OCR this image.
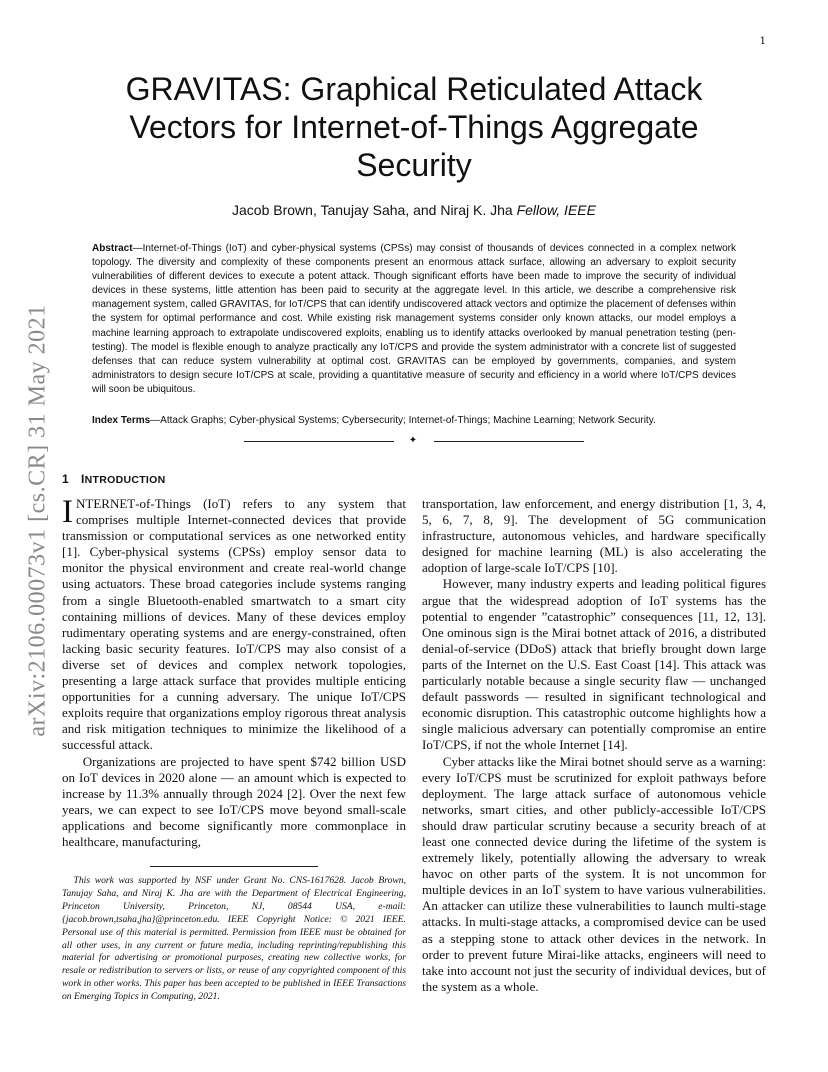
1
arXiv:2106.00073v1 [cs.CR] 31 May 2021
GRAVITAS: Graphical Reticulated Attack Vectors for Internet-of-Things Aggregate Security
Jacob Brown, Tanujay Saha, and Niraj K. Jha Fellow, IEEE
Abstract—Internet-of-Things (IoT) and cyber-physical systems (CPSs) may consist of thousands of devices connected in a complex network topology. The diversity and complexity of these components present an enormous attack surface, allowing an adversary to exploit security vulnerabilities of different devices to execute a potent attack. Though significant efforts have been made to improve the security of individual devices in these systems, little attention has been paid to security at the aggregate level. In this article, we describe a comprehensive risk management system, called GRAVITAS, for IoT/CPS that can identify undiscovered attack vectors and optimize the placement of defenses within the system for optimal performance and cost. While existing risk management systems consider only known attacks, our model employs a machine learning approach to extrapolate undiscovered exploits, enabling us to identify attacks overlooked by manual penetration testing (pen-testing). The model is flexible enough to analyze practically any IoT/CPS and provide the system administrator with a concrete list of suggested defenses that can reduce system vulnerability at optimal cost. GRAVITAS can be employed by governments, companies, and system administrators to design secure IoT/CPS at scale, providing a quantitative measure of security and efficiency in a world where IoT/CPS devices will soon be ubiquitous.
Index Terms—Attack Graphs; Cyber-physical Systems; Cybersecurity; Internet-of-Things; Machine Learning; Network Security.
✦
1 INTRODUCTION

INTERNET-of-Things (IoT) refers to any system that comprises multiple Internet-connected devices that provide transmission or computational services as one networked entity [1]. Cyber-physical systems (CPSs) employ sensor data to monitor the physical environment and create real-world change using actuators. These broad categories include systems ranging from a single Bluetooth-enabled smartwatch to a smart city containing millions of devices. Many of these devices employ rudimentary operating systems and are energy-constrained, often lacking basic security features. IoT/CPS may also consist of a diverse set of devices and complex network topologies, presenting a large attack surface that provides multiple enticing opportunities for a cunning adversary. The unique IoT/CPS exploits require that organizations employ rigorous threat analysis and risk mitigation techniques to minimize the likelihood of a successful attack.

Organizations are projected to have spent $742 billion USD on IoT devices in 2020 alone — an amount which is expected to increase by 11.3% annually through 2024 [2]. Over the next few years, we can expect to see IoT/CPS move beyond small-scale applications and become significantly more commonplace in healthcare, manufacturing,

transportation, law enforcement, and energy distribution [1, 3, 4, 5, 6, 7, 8, 9]. The development of 5G communication infrastructure, autonomous vehicles, and hardware specifically designed for machine learning (ML) is also accelerating the adoption of large-scale IoT/CPS [10].

However, many industry experts and leading political figures argue that the widespread adoption of IoT systems has the potential to engender ”catastrophic” consequences [11, 12, 13]. One ominous sign is the Mirai botnet attack of 2016, a distributed denial-of-service (DDoS) attack that briefly brought down large parts of the Internet on the U.S. East Coast [14]. This attack was particularly notable because a single security flaw — unchanged default passwords — resulted in significant technological and economic disruption. This catastrophic outcome highlights how a single malicious adversary can potentially compromise an entire IoT/CPS, if not the whole Internet [14].

Cyber attacks like the Mirai botnet should serve as a warning: every IoT/CPS must be scrutinized for exploit pathways before deployment. The large attack surface of autonomous vehicle networks, smart cities, and other publicly-accessible IoT/CPS should draw particular scrutiny because a security breach of at least one connected device during the lifetime of the system is extremely likely, potentially allowing the adversary to wreak havoc on other parts of the system. It is not uncommon for multiple devices in an IoT system to have various vulnerabilities. An attacker can utilize these vulnerabilities to launch multi-stage attacks. In multi-stage attacks, a compromised device can be used as a stepping stone to attack other devices in the network. In order to prevent future Mirai-like attacks, engineers will need to take into account not just the security of individual devices, but of the system as a whole.

This work was supported by NSF under Grant No. CNS-1617628. Jacob Brown, Tanujay Saha, and Niraj K. Jha are with the Department of Electrical Engineering, Princeton University, Princeton, NJ, 08544 USA, e-mail:{jacob.brown,tsaha,jha}@princeton.edu. IEEE Copyright Notice: © 2021 IEEE. Personal use of this material is permitted. Permission from IEEE must be obtained for all other uses, in any current or future media, including reprinting/republishing this material for advertising or promotional purposes, creating new collective works, for resale or redistribution to servers or lists, or reuse of any copyrighted component of this work in other works. This paper has been accepted to be published in IEEE Transactions on Emerging Topics in Computing, 2021.
